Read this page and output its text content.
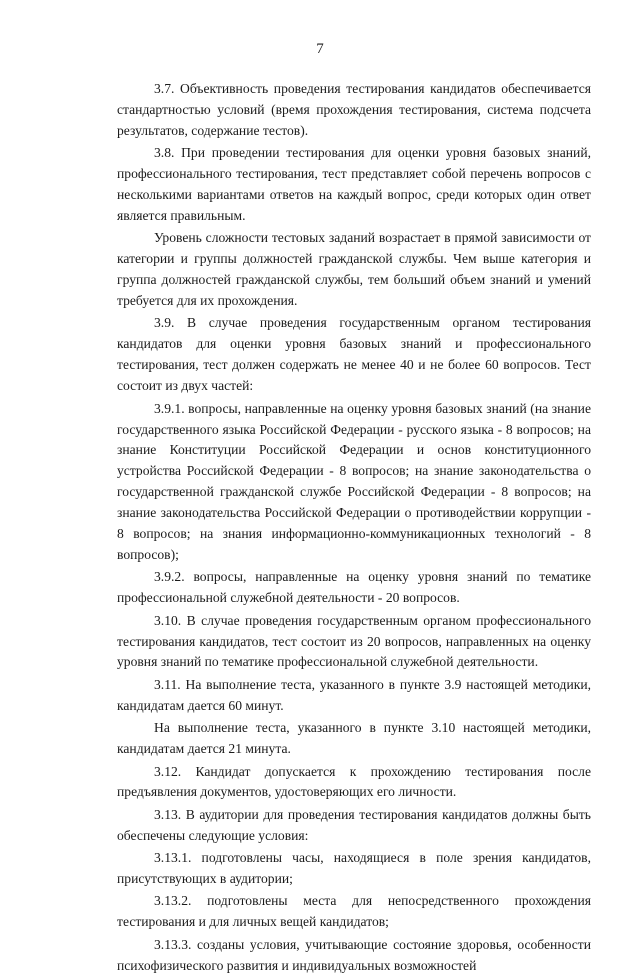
7

3.7. Объективность проведения тестирования кандидатов обеспечивается стандартностью условий (время прохождения тестирования, система подсчета результатов, содержание тестов).

3.8. При проведении тестирования для оценки уровня базовых знаний, профессионального тестирования, тест представляет собой перечень вопросов с несколькими вариантами ответов на каждый вопрос, среди которых один ответ является правильным.

Уровень сложности тестовых заданий возрастает в прямой зависимости от категории и группы должностей гражданской службы. Чем выше категория и группа должностей гражданской службы, тем больший объем знаний и умений требуется для их прохождения.

3.9. В случае проведения государственным органом тестирования кандидатов для оценки уровня базовых знаний и профессионального тестирования, тест должен содержать не менее 40 и не более 60 вопросов. Тест состоит из двух частей:

3.9.1. вопросы, направленные на оценку уровня базовых знаний (на знание государственного языка Российской Федерации - русского языка - 8 вопросов; на знание Конституции Российской Федерации и основ конституционного устройства Российской Федерации - 8 вопросов; на знание законодательства о государственной гражданской службе Российской Федерации - 8 вопросов; на знание законодательства Российской Федерации о противодействии коррупции - 8 вопросов; на знания информационно-коммуникационных технологий - 8 вопросов);

3.9.2. вопросы, направленные на оценку уровня знаний по тематике профессиональной служебной деятельности - 20 вопросов.

3.10. В случае проведения государственным органом профессионального тестирования кандидатов, тест состоит из 20 вопросов, направленных на оценку уровня знаний по тематике профессиональной служебной деятельности.

3.11. На выполнение теста, указанного в пункте 3.9 настоящей методики, кандидатам дается 60 минут.

На выполнение теста, указанного в пункте 3.10 настоящей методики, кандидатам дается 21 минута.

3.12. Кандидат допускается к прохождению тестирования после предъявления документов, удостоверяющих его личности.

3.13. В аудитории для проведения тестирования кандидатов должны быть обеспечены следующие условия:

3.13.1. подготовлены часы, находящиеся в поле зрения кандидатов, присутствующих в аудитории;

3.13.2. подготовлены места для непосредственного прохождения тестирования и для личных вещей кандидатов;

3.13.3. созданы условия, учитывающие состояние здоровья, особенности психофизического развития и индивидуальных возможностей
